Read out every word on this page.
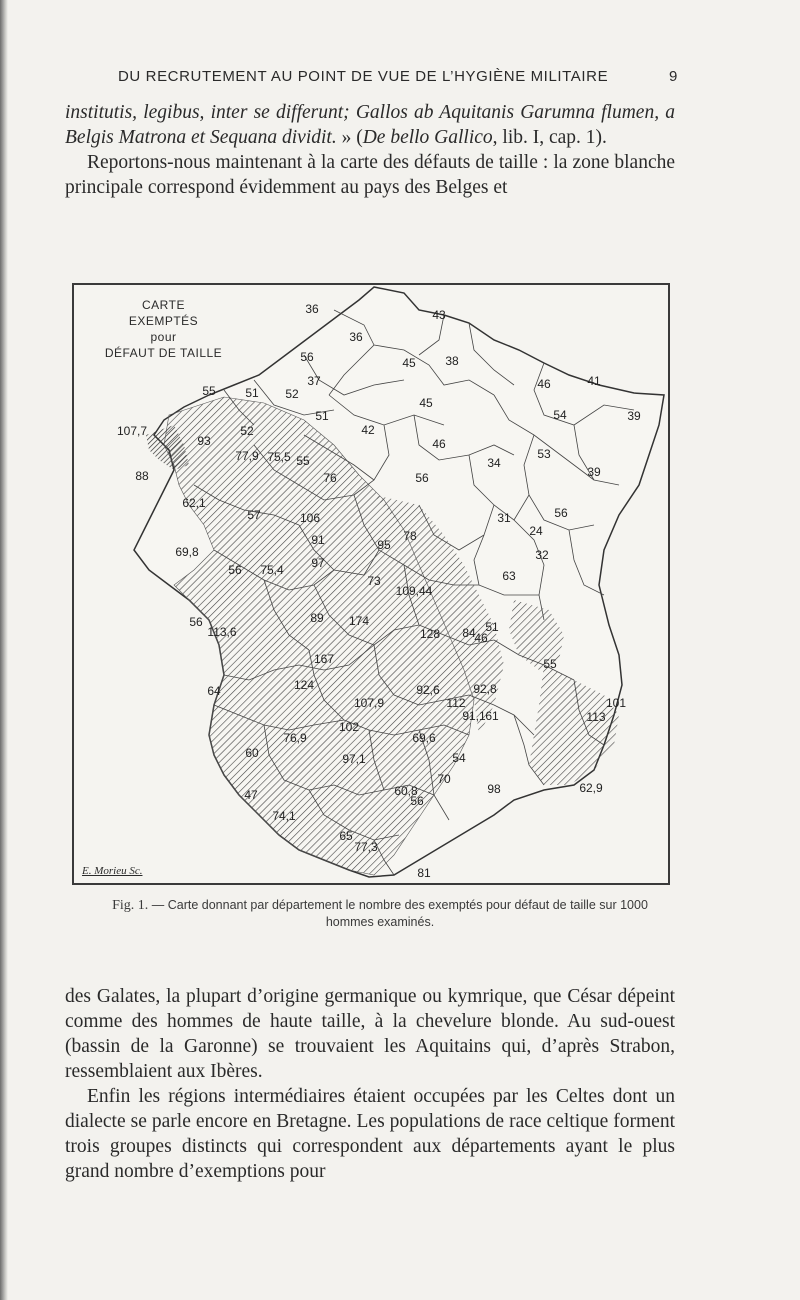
DU RECRUTEMENT AU POINT DE VUE DE L’HYGIÈNE MILITAIRE	9

institutis, legibus, inter se differunt; Gallos ab Aquitanis Garumna flumen, a Belgis Matrona et Sequana dividit. » (De bello Gallico, lib. I, cap. 1).

Reportons-nous maintenant à la carte des défauts de taille : la zone blanche principale correspond évidemment au pays des Belges et

36	43
36
56	45 38
37	46	41
55 51 52
54	39
52
51
42
45
107,7
93
77,9 75,5 55
46
53
88
34
56
76
56
39
62,1
57	106
91
31
24
95
78
32
69,8
56 75,4 97
63
109,44
89 174
46
56
113,6	128 84 51
167	55
124	92,6	92,8
64
107,9	112
61	113
102
69,6
91,1
101
76,9
60	54
97,1
70
98	62,9
47	60,8
74,1
65
56
77,3
81
73
CARTE
EXEMPTÉS
pour
DÉFAUT DE TAILLE
E. Morieu Sc.
Fig. 1. — Carte donnant par département le nombre des exemptés pour défaut de taille sur 1000 hommes examinés.

des Galates, la plupart d’origine germanique ou kymrique, que César dépeint comme des hommes de haute taille, à la chevelure blonde. Au sud-ouest (bassin de la Garonne) se trouvaient les Aquitains qui, d’après Strabon, ressemblaient aux Ibères.

Enfin les régions intermédiaires étaient occupées par les Celtes dont un dialecte se parle encore en Bretagne. Les populations de race celtique forment trois groupes distincts qui correspondent aux départements ayant le plus grand nombre d’exemptions pour
